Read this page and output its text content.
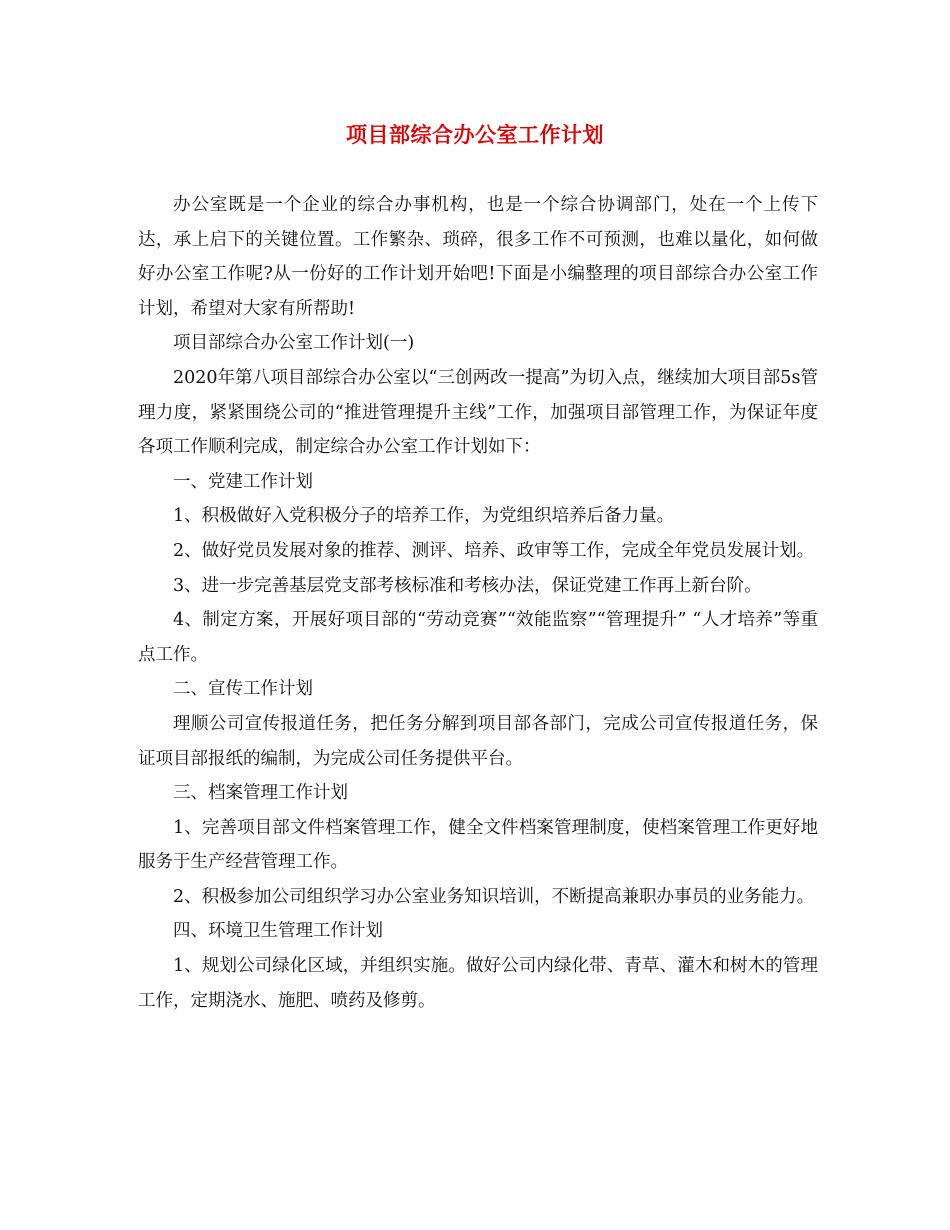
项目部综合办公室工作计划

办公室既是一个企业的综合办事机构，也是一个综合协调部门，处在一个上传下达，承上启下的关键位置。工作繁杂、琐碎，很多工作不可预测，也难以量化，如何做好办公室工作呢?从一份好的工作计划开始吧!下面是小编整理的项目部综合办公室工作计划，希望对大家有所帮助!

项目部综合办公室工作计划(一)

2020年第八项目部综合办公室以“三创两改一提高”为切入点，继续加大项目部5s管理力度，紧紧围绕公司的“推进管理提升主线”工作，加强项目部管理工作，为保证年度各项工作顺利完成，制定综合办公室工作计划如下：

一、党建工作计划

1、积极做好入党积极分子的培养工作，为党组织培养后备力量。

2、做好党员发展对象的推荐、测评、培养、政审等工作，完成全年党员发展计划。

3、进一步完善基层党支部考核标准和考核办法，保证党建工作再上新台阶。

4、制定方案，开展好项目部的“劳动竞赛”“效能监察”“管理提升” “人才培养”等重点工作。

二、宣传工作计划

理顺公司宣传报道任务，把任务分解到项目部各部门，完成公司宣传报道任务，保证项目部报纸的编制，为完成公司任务提供平台。

三、档案管理工作计划

1、完善项目部文件档案管理工作，健全文件档案管理制度，使档案管理工作更好地服务于生产经营管理工作。

2、积极参加公司组织学习办公室业务知识培训，不断提高兼职办事员的业务能力。

四、环境卫生管理工作计划

1、规划公司绿化区域，并组织实施。做好公司内绿化带、青草、灌木和树木的管理工作，定期浇水、施肥、喷药及修剪。
